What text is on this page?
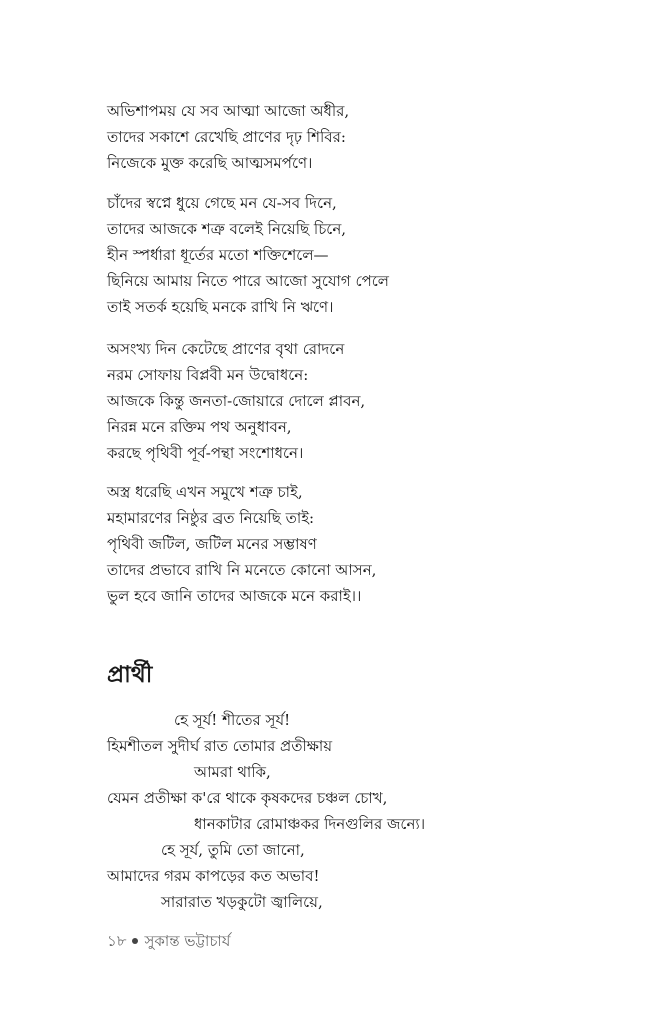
অভিশাপময় যে সব আত্মা আজো অধীর,
তাদের সকাশে রেখেছি প্রাণের দৃঢ় শিবির:
নিজেকে মুক্ত করেছি আত্মসমর্পণে।
চাঁদের স্বপ্নে ধুয়ে গেছে মন যে-সব দিনে,
তাদের আজকে শত্রু বলেই নিয়েছি চিনে,
হীন স্পর্ধারা ধূর্তের মতো শক্তিশেলে—
ছিনিয়ে আমায় নিতে পারে আজো সুযোগ পেলে
তাই সতর্ক হয়েছি মনকে রাখি নি ঋণে।
অসংখ্য দিন কেটেছে প্রাণের বৃথা রোদনে
নরম সোফায় বিপ্লবী মন উদ্বোধনে:
আজকে কিন্তু জনতা-জোয়ারে দোলে প্লাবন,
নিরন্ন মনে রক্তিম পথ অনুধাবন,
করছে পৃথিবী পূর্ব-পন্থা সংশোধনে।
অস্ত্র ধরেছি এখন সমুখে শত্রু চাই,
মহামারণের নিষ্ঠুর ব্রত নিয়েছি তাই:
পৃথিবী জটিল, জটিল মনের সম্ভাষণ
তাদের প্রভাবে রাখি নি মনেতে কোনো আসন,
ভুল হবে জানি তাদের আজকে মনে করাই।।
প্রার্থী
হে সূর্য! শীতের সূর্য!
হিমশীতল সুদীর্ঘ রাত তোমার প্রতীক্ষায়
আমরা থাকি,
যেমন প্রতীক্ষা ক'রে থাকে কৃষকদের চঞ্চল চোখ,
ধানকাটার রোমাঞ্চকর দিনগুলির জন্যে।
হে সূর্য, তুমি তো জানো,
আমাদের গরম কাপড়ের কত অভাব!
সারারাত খড়কুটো জ্বালিয়ে,
১৮ সুকান্ত ভট্টাচার্য
